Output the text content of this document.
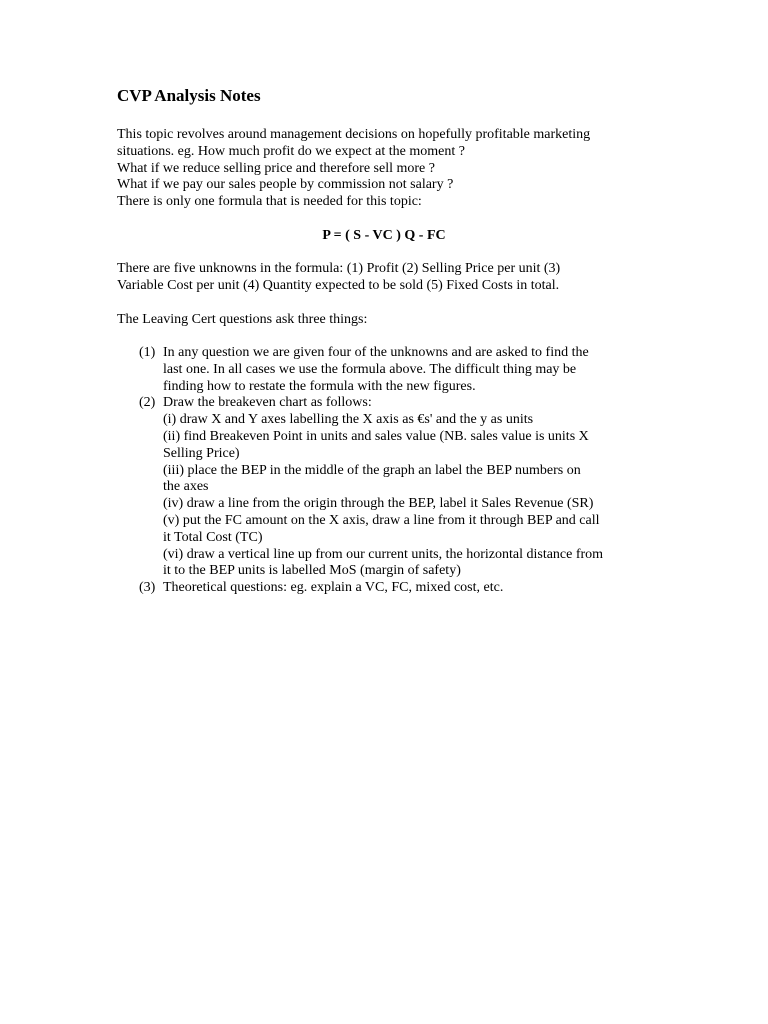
CVP Analysis Notes
This topic revolves around management decisions on hopefully profitable marketing
situations. eg. How much profit do we expect at the moment ?
What if we reduce selling price and therefore sell more ?
What if we pay our sales people by commission not salary ?
There is only one formula that is needed for this topic:
P = ( S - VC ) Q - FC
There are five unknowns in the formula: (1) Profit (2) Selling Price per unit (3)
Variable Cost per unit (4) Quantity expected to be sold (5) Fixed Costs in total.
The Leaving Cert questions ask three things:
(1) In any question we are given four of the unknowns and are asked to find the
last one. In all cases we use the formula above. The difficult thing may be
finding how to restate the formula with the new figures.
(2) Draw the breakeven chart as follows:
(i) draw X and Y axes labelling the X axis as €s' and the y as units
(ii) find Breakeven Point in units and sales value (NB. sales value is units X
Selling Price)
(iii) place the BEP in the middle of the graph an label the BEP numbers on
the axes
(iv) draw a line from the origin through the BEP, label it Sales Revenue (SR)
(v) put the FC amount on the X axis, draw a line from it through BEP and call
it Total Cost (TC)
(vi) draw a vertical line up from our current units, the horizontal distance from
it to the BEP units is labelled MoS (margin of safety)
(3) Theoretical questions: eg. explain a VC, FC, mixed cost, etc.
